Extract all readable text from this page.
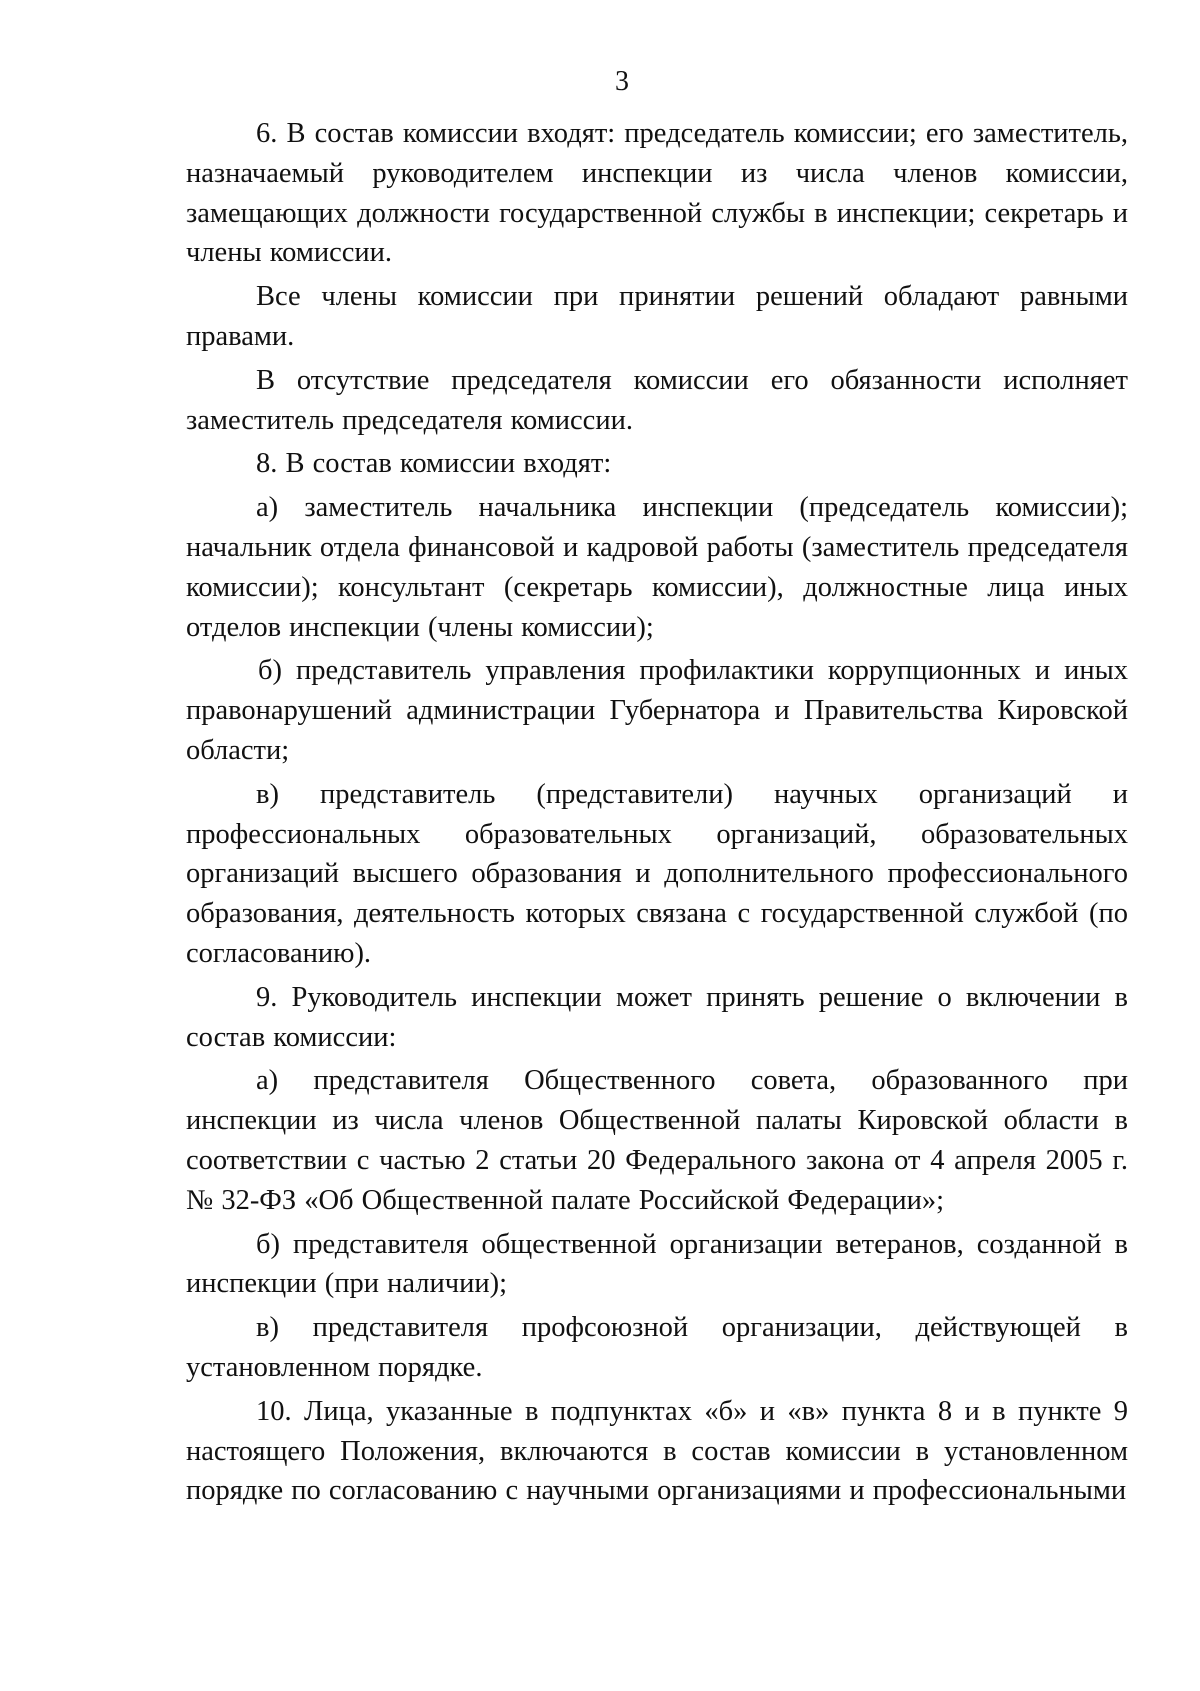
3

6. В состав комиссии входят: председатель комиссии; его заместитель, назначаемый руководителем инспекции из числа членов комиссии, замещающих должности государственной службы в инспекции; секретарь и члены комиссии.

Все члены комиссии при принятии решений обладают равными правами.

В отсутствие председателя комиссии его обязанности исполняет заместитель председателя комиссии.

8. В состав комиссии входят:

а) заместитель начальника инспекции (председатель комиссии); начальник отдела финансовой и кадровой работы (заместитель председателя комиссии); консультант (секретарь комиссии), должностные лица иных отделов инспекции (члены комиссии);

б) представитель управления профилактики коррупционных и иных правонарушений администрации Губернатора и Правительства Кировской области;

в) представитель (представители) научных организаций и профессиональных образовательных организаций, образовательных организаций высшего образования и дополнительного профессионального образования, деятельность которых связана с государственной службой (по согласованию).

9. Руководитель инспекции может принять решение о включении в состав комиссии:

а) представителя Общественного совета, образованного при инспекции из числа членов Общественной палаты Кировской области в соответствии с частью 2 статьи 20 Федерального закона от 4 апреля 2005 г. № 32-ФЗ «Об Общественной палате Российской Федерации»;

б) представителя общественной организации ветеранов, созданной в инспекции (при наличии);

в) представителя профсоюзной организации, действующей в установленном порядке.

10. Лица, указанные в подпунктах «б» и «в» пункта 8 и в пункте 9 настоящего Положения, включаются в состав комиссии в установленном порядке по согласованию с научными организациями и профессиональными
